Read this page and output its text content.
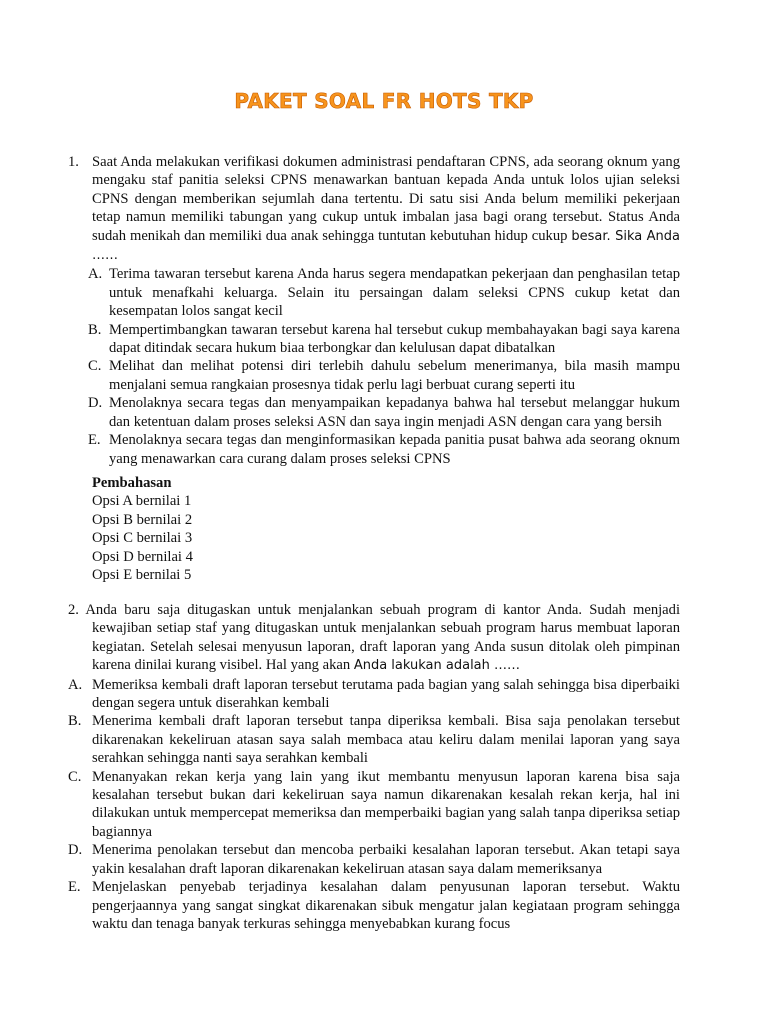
PAKET SOAL FR HOTS TKP
1. Saat Anda melakukan verifikasi dokumen administrasi pendaftaran CPNS, ada seorang oknum yang mengaku staf panitia seleksi CPNS menawarkan bantuan kepada Anda untuk lolos ujian seleksi CPNS dengan memberikan sejumlah dana tertentu. Di satu sisi Anda belum memiliki pekerjaan tetap namun memiliki tabungan yang cukup untuk imbalan jasa bagi orang tersebut. Status Anda sudah menikah dan memiliki dua anak sehingga tuntutan kebutuhan hidup cukup besar. Sika Anda ……
A. Terima tawaran tersebut karena Anda harus segera mendapatkan pekerjaan dan penghasilan tetap untuk menafkahi keluarga. Selain itu persaingan dalam seleksi CPNS cukup ketat dan kesempatan lolos sangat kecil
B. Mempertimbangkan tawaran tersebut karena hal tersebut cukup membahayakan bagi saya karena dapat ditindak secara hukum biaa terbongkar dan kelulusan dapat dibatalkan
C. Melihat dan melihat potensi diri terlebih dahulu sebelum menerimanya, bila masih mampu menjalani semua rangkaian prosesnya tidak perlu lagi berbuat curang seperti itu
D. Menolaknya secara tegas dan menyampaikan kepadanya bahwa hal tersebut melanggar hukum dan ketentuan dalam proses seleksi ASN dan saya ingin menjadi ASN dengan cara yang bersih
E. Menolaknya secara tegas dan menginformasikan kepada panitia pusat bahwa ada seorang oknum yang menawarkan cara curang dalam proses seleksi CPNS
Pembahasan
Opsi A bernilai 1
Opsi B bernilai 2
Opsi C bernilai 3
Opsi D bernilai 4
Opsi E bernilai 5
2. Anda baru saja ditugaskan untuk menjalankan sebuah program di kantor Anda. Sudah menjadi kewajiban setiap staf yang ditugaskan untuk menjalankan sebuah program harus membuat laporan kegiatan. Setelah selesai menyusun laporan, draft laporan yang Anda susun ditolak oleh pimpinan karena dinilai kurang visibel. Hal yang akan Anda lakukan adalah ……
A. Memeriksa kembali draft laporan tersebut terutama pada bagian yang salah sehingga bisa diperbaiki dengan segera untuk diserahkan kembali
B. Menerima kembali draft laporan tersebut tanpa diperiksa kembali. Bisa saja penolakan tersebut dikarenakan kekeliruan atasan saya salah membaca atau keliru dalam menilai laporan yang saya serahkan sehingga nanti saya serahkan kembali
C. Menanyakan rekan kerja yang lain yang ikut membantu menyusun laporan karena bisa saja kesalahan tersebut bukan dari kekeliruan saya namun dikarenakan kesalah rekan kerja, hal ini dilakukan untuk mempercepat memeriksa dan memperbaiki bagian yang salah tanpa diperiksa setiap bagiannya
D. Menerima penolakan tersebut dan mencoba perbaiki kesalahan laporan tersebut. Akan tetapi saya yakin kesalahan draft laporan dikarenakan kekeliruan atasan saya dalam memeriksanya
E. Menjelaskan penyebab terjadinya kesalahan dalam penyusunan laporan tersebut. Waktu pengerjaannya yang sangat singkat dikarenakan sibuk mengatur jalan kegiataan program sehingga waktu dan tenaga banyak terkuras sehingga menyebabkan kurang focus
